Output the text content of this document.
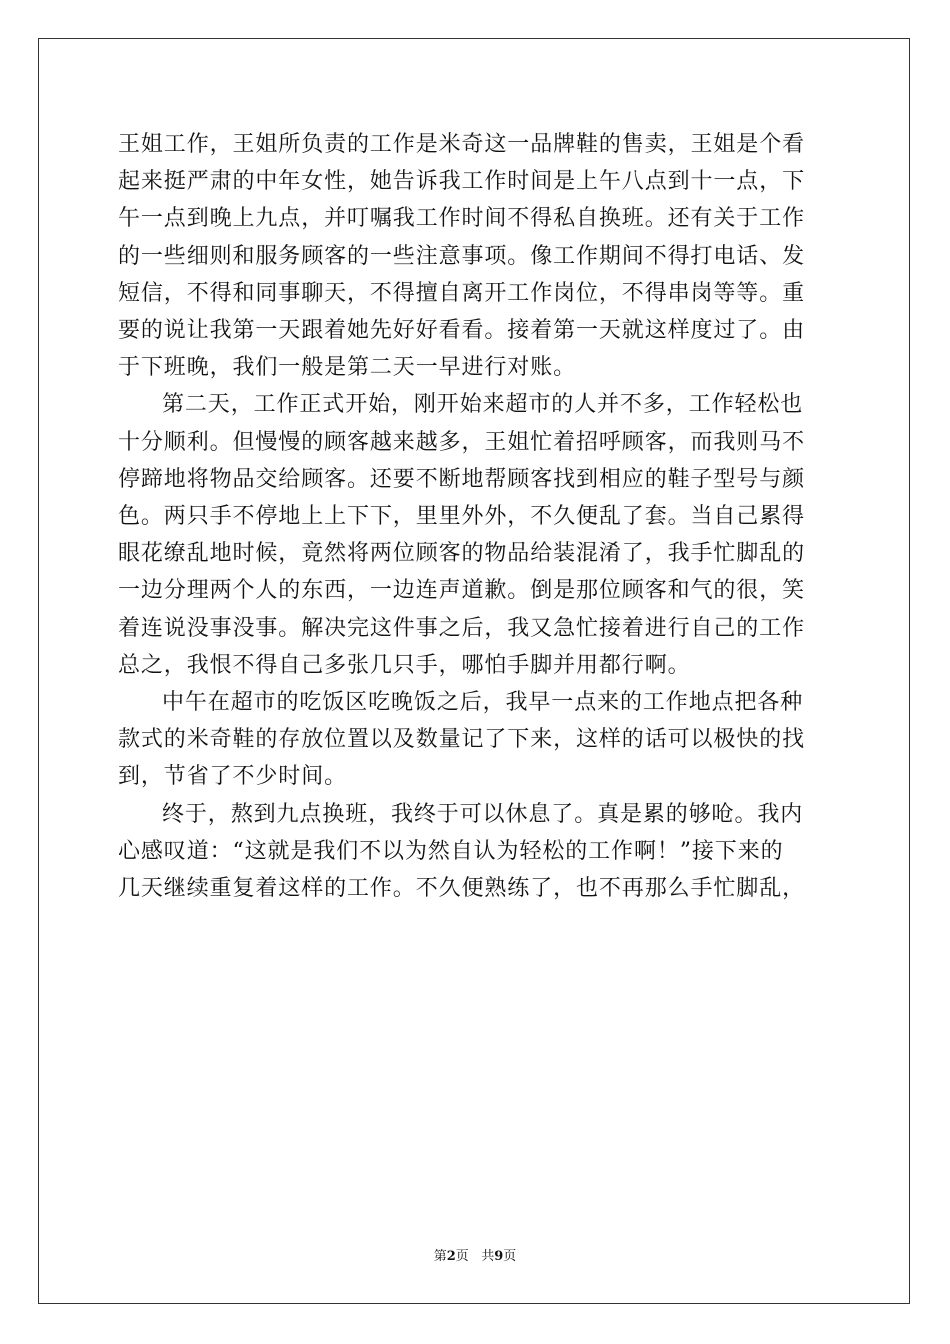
王姐工作，王姐所负责的工作是米奇这一品牌鞋的售卖，王姐是个看
起来挺严肃的中年女性，她告诉我工作时间是上午八点到十一点，下
午一点到晚上九点，并叮嘱我工作时间不得私自换班。还有关于工作
的一些细则和服务顾客的一些注意事项。像工作期间不得打电话、发
短信，不得和同事聊天，不得擅自离开工作岗位，不得串岗等等。重
要的说让我第一天跟着她先好好看看。接着第一天就这样度过了。由
于下班晚，我们一般是第二天一早进行对账。
第二天，工作正式开始，刚开始来超市的人并不多，工作轻松也
十分顺利。但慢慢的顾客越来越多，王姐忙着招呼顾客，而我则马不
停蹄地将物品交给顾客。还要不断地帮顾客找到相应的鞋子型号与颜
色。两只手不停地上上下下，里里外外，不久便乱了套。当自己累得
眼花缭乱地时候，竟然将两位顾客的物品给装混淆了，我手忙脚乱的
一边分理两个人的东西，一边连声道歉。倒是那位顾客和气的很，笑
着连说没事没事。解决完这件事之后，我又急忙接着进行自己的工作
总之，我恨不得自己多张几只手，哪怕手脚并用都行啊。
中午在超市的吃饭区吃晚饭之后，我早一点来的工作地点把各种
款式的米奇鞋的存放位置以及数量记了下来，这样的话可以极快的找
到，节省了不少时间。
终于，熬到九点换班，我终于可以休息了。真是累的够呛。我内
心感叹道：“这就是我们不以为然自认为轻松的工作啊！”接下来的
几天继续重复着这样的工作。不久便熟练了，也不再那么手忙脚乱，
第2页 共9页
